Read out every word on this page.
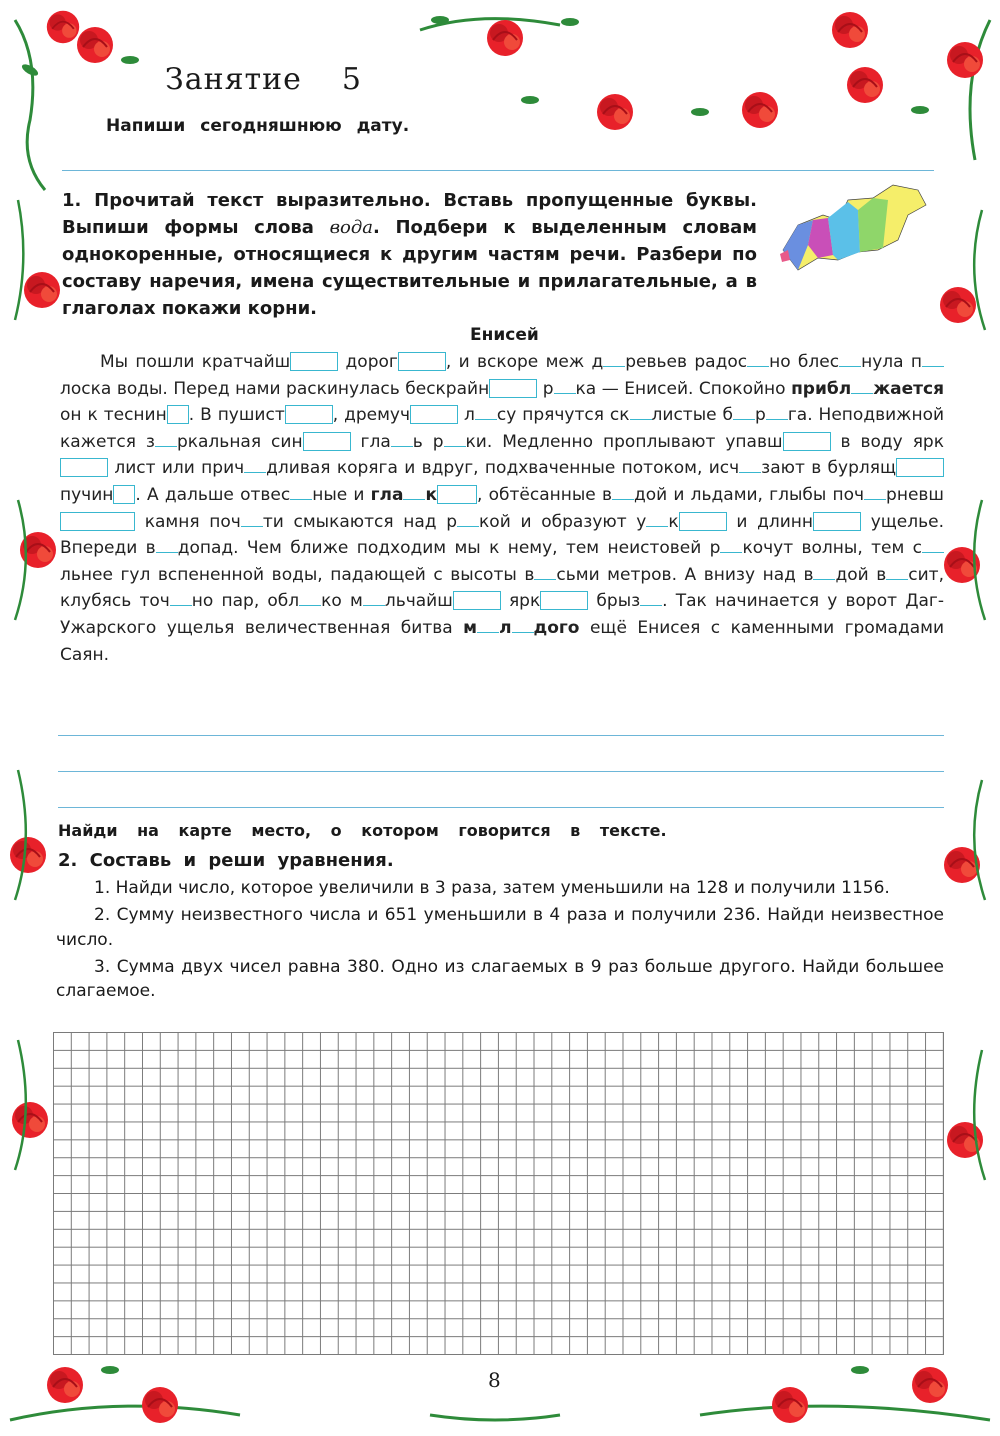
Занятие 5
Напиши сегодняшнюю дату.
1. Прочитай текст выразительно. Вставь пропущенные буквы. Выпиши формы слова вода. Подбери к выделенным словам однокоренные, относящиеся к другим частям речи. Разбери по составу наречия, имена существительные и прилагательные, а в глаголах покажи корни.
Енисей

Мы пошли кратчайш	дорог	, и вскоре меж д ревьев радос но блес нула плоска воды. Перед нами раскинулась бескрайн	р ка — Енисей. Спокойно прибл жается он к теснин . В пушист	, дремуч	л су прячутся ск листые б р га. Неподвижной кажется з ркальная син	гла ь р ки. Медленно проплывают упавш	в воду ярк лист или прич дливая коряга и вдруг, подхваченные потоком, исч зают в бурлящ пучин . А дальше отвес ные и гла к , обтёсанные в дой и льдами, глыбы поч рневш камня поч ти смыкаются над р кой и образуют у к	и длинн	ущелье. Впереди в допад. Чем ближе подходим мы к нему, тем неистовей р кочут волны, тем сльнее гул вспененной воды, падающей с высоты в сьми метров. А внизу над в дой в сит, клубясь точ но пар, обл ко м льчайш	ярк	брыз . Так начинается у ворот Даг-Ужарского ущелья величественная битва м л дого ещё Енисея с каменными громадами Саян.

Найди на карте место, о котором говорится в тексте.
2. Составь и реши уравнения.

1. Найди число, которое увеличили в 3 раза, затем уменьшили на 128 и получили 1156.

2. Сумму неизвестного числа и 651 уменьшили в 4 раза и получили 236. Найди неизвестное число.

3. Сумма двух чисел равна 380. Одно из слагаемых в 9 раз больше другого. Найди большее слагаемое.

8
